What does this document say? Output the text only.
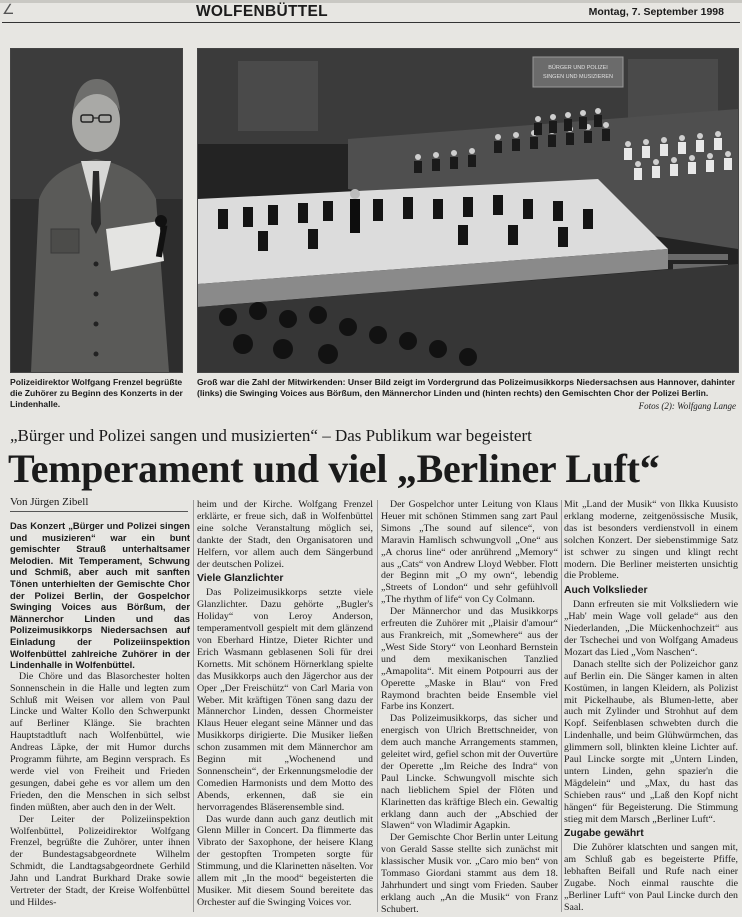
∠	WOLFENBÜTTEL	Montag, 7. September 1998
BÜRGER UND POLIZEI
SINGEN UND MUSIZIEREN
Polizeidirektor Wolfgang Frenzel begrüßte die Zuhörer zu Beginn des Konzerts in der Lindenhalle.
Groß war die Zahl der Mitwirkenden: Unser Bild zeigt im Vordergrund das Polizeimusikkorps Niedersachsen aus Hannover, dahinter (links) die Swinging Voices aus Börßum, den Männerchor Linden und (hinten rechts) den Gemischten Chor der Polizei Berlin.
Fotos (2): Wolfgang Lange
„Bürger und Polizei sangen und musizierten“ – Das Publikum war begeistert
Temperament und viel „Berliner Luft“
Von Jürgen Zibell

Das Konzert „Bürger und Polizei singen und musizieren“ war ein bunt gemischter Strauß unterhaltsamer Melodien. Mit Temperament, Schwung und Schmiß, aber auch mit sanften Tönen unterhielten der Gemischte Chor der Polizei Berlin, der Gospelchor Swinging Voices aus Börßum, der Männerchor Linden und das Polizeimusikkorps Niedersachsen auf Einladung der Polizeiinspektion Wolfenbüttel zahlreiche Zuhörer in der Lindenhalle in Wolfenbüttel.

Die Chöre und das Blasorchester holten Sonnenschein in die Halle und legten zum Schluß mit Weisen vor allem von Paul Lincke und Walter Kollo den Schwerpunkt auf Berliner Klänge. Sie brachten Hauptstadtluft nach Wolfenbüttel, wie Andreas Läpke, der mit Humor durchs Programm führte, am Beginn versprach. Es werde viel von Freiheit und Frieden gesungen, dabei gehe es vor allem um den Frieden, den die Menschen in sich selbst finden müßten, aber auch den in der Welt.

Der Leiter der Polizeiinspektion Wolfenbüttel, Polizeidirektor Wolfgang Frenzel, begrüßte die Zuhörer, unter ihnen der Bundestagsabgeordnete Wilhelm Schmidt, die Landtagsabgeordnete Gerhild Jahn und Landrat Burkhard Drake sowie Vertreter der Stadt, der Kreise Wolfenbüttel und Hildes-

heim und der Kirche. Wolfgang Frenzel erklärte, er freue sich, daß in Wolfenbüttel eine solche Veranstaltung möglich sei, dankte der Stadt, den Organisatoren und Helfern, vor allem auch dem Sängerbund der deutschen Polizei.

Viele Glanzlichter

Das Polizeimusikkorps setzte viele Glanzlichter. Dazu gehörte „Bugler's Holiday“ von Leroy Anderson, temperamentvoll gespielt mit dem glänzend von Eberhard Hintze, Dieter Richter und Erich Wasmann geblasenen Soli für drei Kornetts. Mit schönem Hörnerklang spielte das Musikkorps auch den Jägerchor aus der Oper „Der Freischütz“ von Carl Maria von Weber. Mit kräftigen Tönen sang dazu der Männerchor Linden, dessen Chormeister Klaus Heuer elegant seine Männer und das Musikkorps dirigierte. Die Musiker ließen schon zusammen mit dem Männerchor am Beginn mit „Wochenend und Sonnenschein“, der Erkennungsmelodie der Comedien Harmonists und dem Motto des Abends, erkennen, daß sie ein hervorragendes Bläserensemble sind.

Das wurde dann auch ganz deutlich mit Glenn Miller in Concert. Da flimmerte das Vibrato der Saxophone, der heisere Klang der gestopften Trompeten sorgte für Stimmung, und die Klarinetten näselten. Vor allem mit „In the mood“ begeisterten die Musiker. Mit diesem Sound bereitete das Orchester auf die Swinging Voices vor.

Der Gospelchor unter Leitung von Klaus Heuer mit schönen Stimmen sang zart Paul Simons „The sound auf silence“, von Maravin Hamlisch schwungvoll „One“ aus „A chorus line“ oder anrührend „Memory“ aus „Cats“ von Andrew Lloyd Webber. Flott der Beginn mit „O my own“, lebendig „Streets of London“ und sehr gefühlvoll „The rhythm of life“ von Cy Colmann.

Der Männerchor und das Musikkorps erfreuten die Zuhörer mit „Plaisir d'amour“ aus Frankreich, mit „Somewhere“ aus der „West Side Story“ von Leonhard Bernstein und dem mexikanischen Tanzlied „Amapolita“. Mit einem Potpourri aus der Operette „Maske in Blau“ von Fred Raymond brachten beide Ensemble viel Farbe ins Konzert.

Das Polizeimusikkorps, das sicher und energisch von Ulrich Brettschneider, von dem auch manche Arrangements stammen, geleitet wird, gefiel schon mit der Ouvertüre der Operette „Im Reiche des Indra“ von Paul Lincke. Schwungvoll mischte sich nach lieblichem Spiel der Flöten und Klarinetten das kräftige Blech ein. Gewaltig erklang dann auch der „Abschied der Slawen“ von Wladimir Agapkin.

Der Gemischte Chor Berlin unter Leitung von Gerald Sasse stellte sich zunächst mit klassischer Musik vor. „Caro mio ben“ von Tommaso Giordani stammt aus dem 18. Jahrhundert und singt vom Frieden. Sauber erklang auch „An die Musik“ von Franz Schubert.

Mit „Land der Musik“ von Ilkka Kuusisto erklang moderne, zeitgenössische Musik, das ist besonders verdienstvoll in einem solchen Konzert. Der siebenstimmige Satz ist schwer zu singen und klingt recht modern. Die Berliner meisterten unsichtig die Probleme.

Auch Volkslieder

Dann erfreuten sie mit Volksliedern wie „Hab' mein Wage voll gelade“ aus den Niederlanden, „Die Mückenhochzeit“ aus der Tschechei und von Wolfgang Amadeus Mozart das Lied „Vom Naschen“.

Danach stellte sich der Polizeichor ganz auf Berlin ein. Die Sänger kamen in alten Kostümen, in langen Kleidern, als Polizist mit Pickelhaube, als Blumen-lette, aber auch mit Zylinder und Strohhut auf dem Kopf. Seifenblasen schwebten durch die Lindenhalle, und beim Glühwürmchen, das glimmern soll, blinkten kleine Lichter auf. Paul Lincke sorgte mit „Untern Linden, untern Linden, gehn spazier'n die Mägdelein“ und „Max, du hast das Schieben raus“ und „Laß den Kopf nicht hängen“ für Begeisterung. Die Stimmung stieg mit dem Marsch „Berliner Luft“.

Zugabe gewährt

Die Zuhörer klatschten und sangen mit, am Schluß gab es begeisterte Pfiffe, lebhaften Beifall und Rufe nach einer Zugabe. Noch einmal rauschte die „Berliner Luft“ von Paul Lincke durch den Saal.
